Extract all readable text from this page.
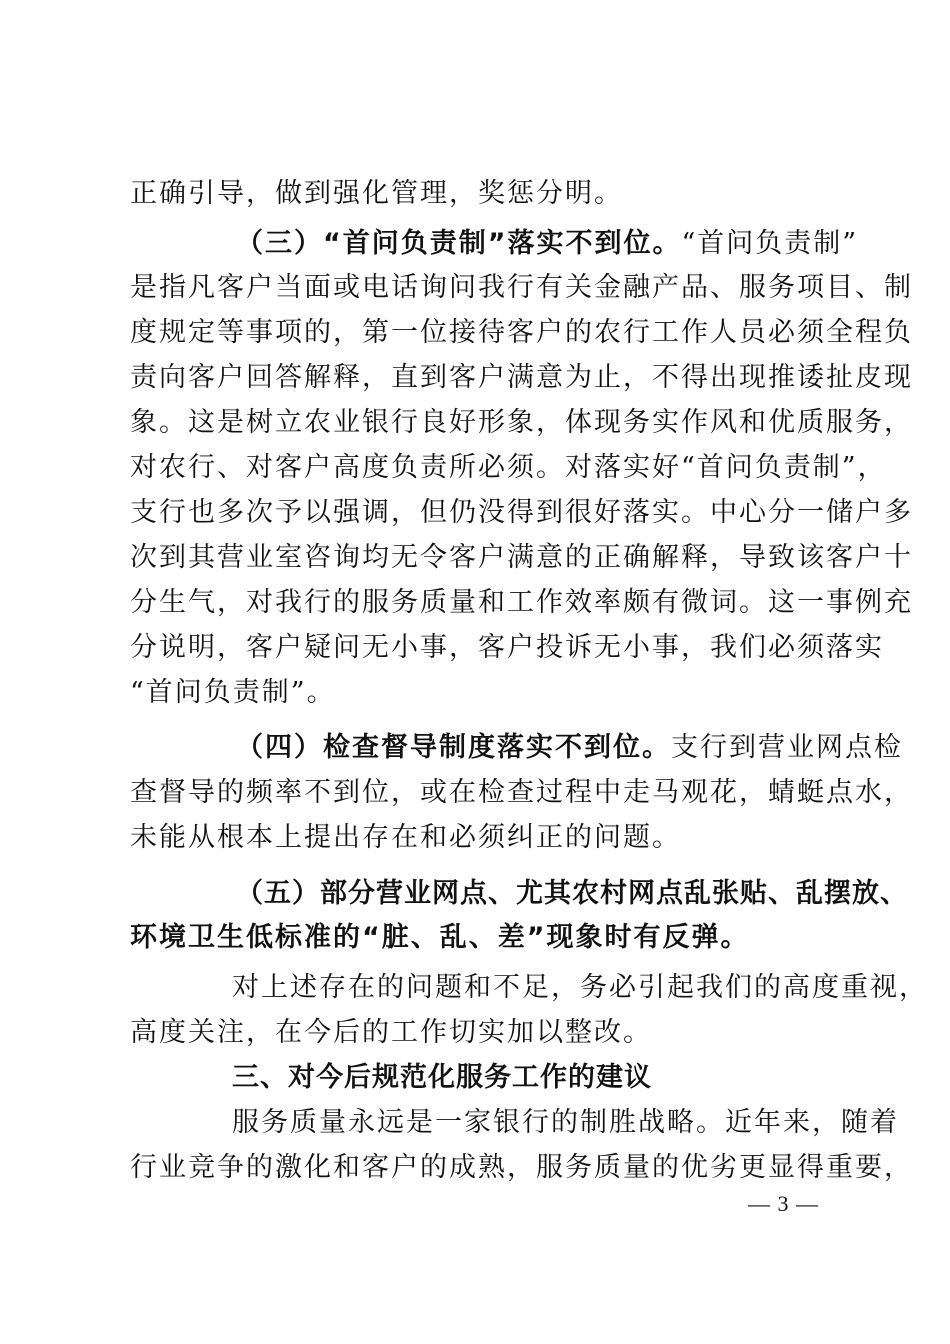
正确引导，做到强化管理，奖惩分明。

（三）“首问负责制”落实不到位。“首问负责制”

是指凡客户当面或电话询问我行有关金融产品、服务项目、制

度规定等事项的，第一位接待客户的农行工作人员必须全程负

责向客户回答解释，直到客户满意为止，不得出现推诿扯皮现

象。这是树立农业银行良好形象，体现务实作风和优质服务，

对农行、对客户高度负责所必须。对落实好“首问负责制”，

支行也多次予以强调，但仍没得到很好落实。中心分一储户多

次到其营业室咨询均无令客户满意的正确解释，导致该客户十

分生气，对我行的服务质量和工作效率颇有微词。这一事例充

分说明，客户疑问无小事，客户投诉无小事，我们必须落实

“首问负责制”。

（四）检查督导制度落实不到位。支行到营业网点检

查督导的频率不到位，或在检查过程中走马观花，蜻蜓点水，

未能从根本上提出存在和必须纠正的问题。

（五）部分营业网点、尤其农村网点乱张贴、乱摆放、

环境卫生低标准的“脏、乱、差”现象时有反弹。

对上述存在的问题和不足，务必引起我们的高度重视，

高度关注，在今后的工作切实加以整改。

三、对今后规范化服务工作的建议

服务质量永远是一家银行的制胜战略。近年来，随着

行业竞争的激化和客户的成熟，服务质量的优劣更显得重要，

— 3 —
